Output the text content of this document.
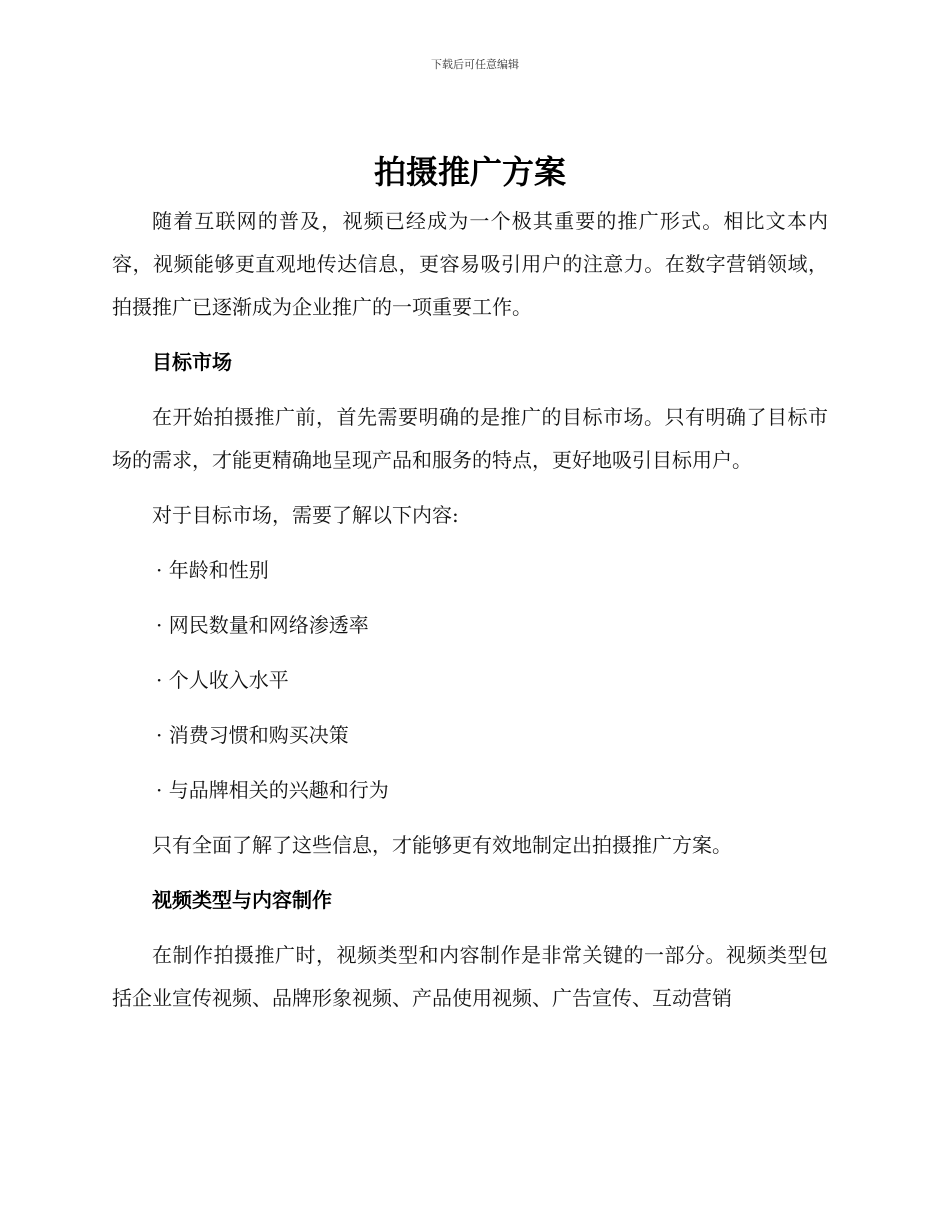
下载后可任意编辑
拍摄推广方案

随着互联网的普及，视频已经成为一个极其重要的推广形式。相比文本内容，视频能够更直观地传达信息，更容易吸引用户的注意力。在数字营销领域，拍摄推广已逐渐成为企业推广的一项重要工作。

目标市场

在开始拍摄推广前，首先需要明确的是推广的目标市场。只有明确了目标市场的需求，才能更精确地呈现产品和服务的特点，更好地吸引目标用户。

对于目标市场，需要了解以下内容:

· 年龄和性别

· 网民数量和网络渗透率

· 个人收入水平

· 消费习惯和购买决策

· 与品牌相关的兴趣和行为

只有全面了解了这些信息，才能够更有效地制定出拍摄推广方案。

视频类型与内容制作

在制作拍摄推广时，视频类型和内容制作是非常关键的一部分。视频类型包括企业宣传视频、品牌形象视频、产品使用视频、广告宣传、互动营销
